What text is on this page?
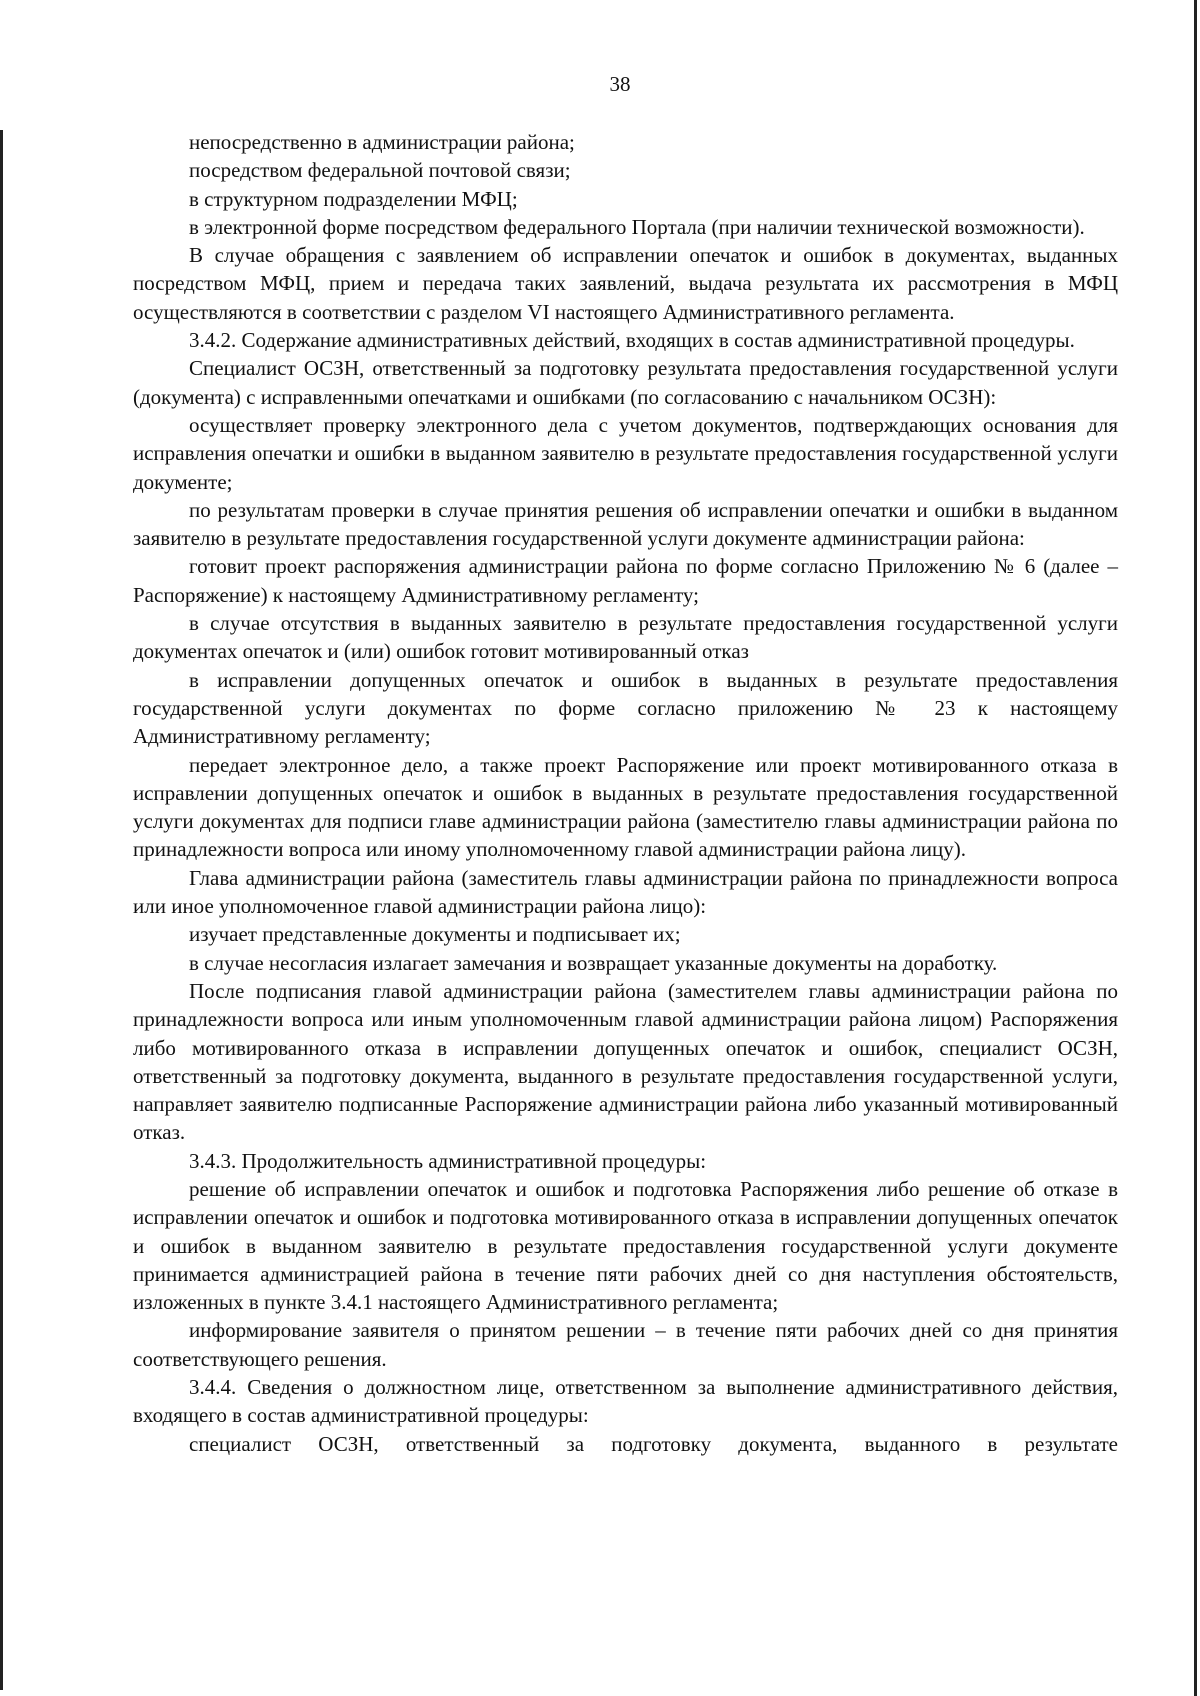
38

непосредственно в администрации района;

посредством федеральной почтовой связи;

в структурном подразделении МФЦ;

в электронной форме посредством федерального Портала (при наличии технической возможности).

В случае обращения с заявлением об исправлении опечаток и ошибок в документах, выданных посредством МФЦ, прием и передача таких заявлений, выдача результата их рассмотрения в МФЦ осуществляются в соответствии с разделом VI настоящего Административного регламента.

3.4.2. Содержание административных действий, входящих в состав административной процедуры.

Специалист ОСЗН, ответственный за подготовку результата предоставления государственной услуги (документа) с исправленными опечатками и ошибками (по согласованию с начальником ОСЗН):

осуществляет проверку электронного дела с учетом документов, подтверждающих основания для исправления опечатки и ошибки в выданном заявителю в результате предоставления государственной услуги документе;

по результатам проверки в случае принятия решения об исправлении опечатки и ошибки в выданном заявителю в результате предоставления государственной услуги документе администрации района:

готовит проект распоряжения администрации района по форме согласно Приложению № 6 (далее – Распоряжение) к настоящему Административному регламенту;

в случае отсутствия в выданных заявителю в результате предоставления государственной услуги документах опечаток и (или) ошибок готовит мотивированный отказ

в исправлении допущенных опечаток и ошибок в выданных в результате предоставления государственной услуги документах по форме согласно приложению № 23 к настоящему Административному регламенту;

передает электронное дело, а также проект Распоряжение или проект мотивированного отказа в исправлении допущенных опечаток и ошибок в выданных в результате предоставления государственной услуги документах для подписи главе администрации района (заместителю главы администрации района по принадлежности вопроса или иному уполномоченному главой администрации района лицу).

Глава администрации района (заместитель главы администрации района по принадлежности вопроса или иное уполномоченное главой администрации района лицо):

изучает представленные документы и подписывает их;

в случае несогласия излагает замечания и возвращает указанные документы на доработку.

После подписания главой администрации района (заместителем главы администрации района по принадлежности вопроса или иным уполномоченным главой администрации района лицом) Распоряжения либо мотивированного отказа в исправлении допущенных опечаток и ошибок, специалист ОСЗН, ответственный за подготовку документа, выданного в результате предоставления государственной услуги, направляет заявителю подписанные Распоряжение администрации района либо указанный мотивированный отказ.

3.4.3. Продолжительность административной процедуры:

решение об исправлении опечаток и ошибок и подготовка Распоряжения либо решение об отказе в исправлении опечаток и ошибок и подготовка мотивированного отказа в исправлении допущенных опечаток и ошибок в выданном заявителю в результате предоставления государственной услуги документе принимается администрацией района в течение пяти рабочих дней со дня наступления обстоятельств, изложенных в пункте 3.4.1 настоящего Административного регламента;

информирование заявителя о принятом решении – в течение пяти рабочих дней со дня принятия соответствующего решения.

3.4.4. Сведения о должностном лице, ответственном за выполнение административного действия, входящего в состав административной процедуры:

специалист ОСЗН, ответственный за подготовку документа, выданного в результате
